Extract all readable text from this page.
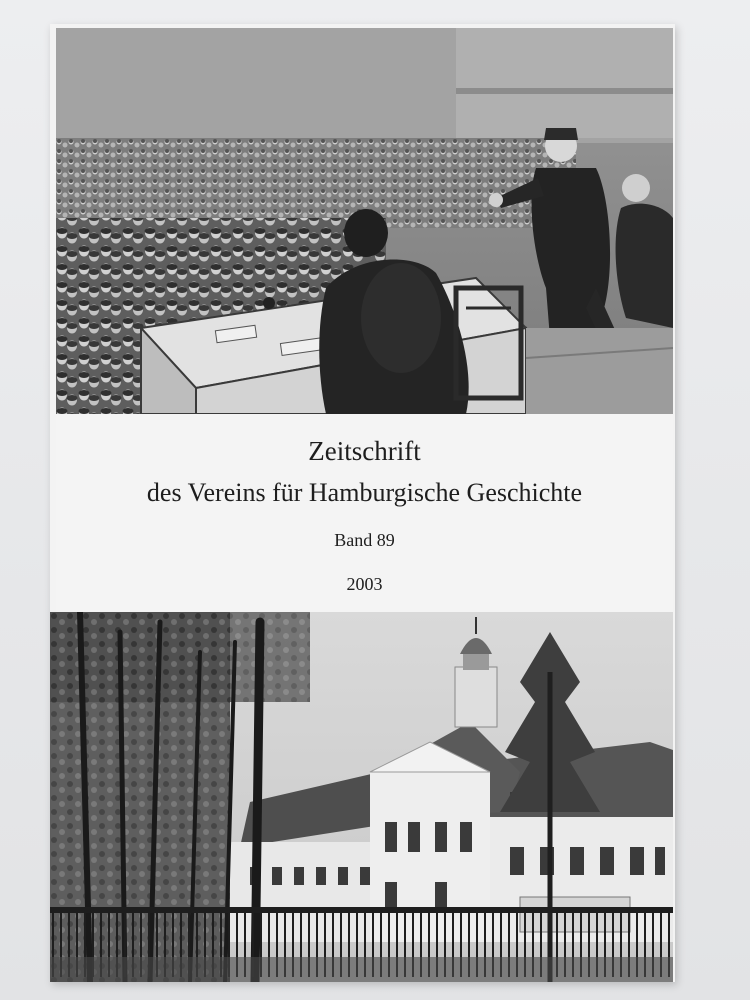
Zeitschrift
des Vereins für Hamburgische Geschichte
Band 89
2003
